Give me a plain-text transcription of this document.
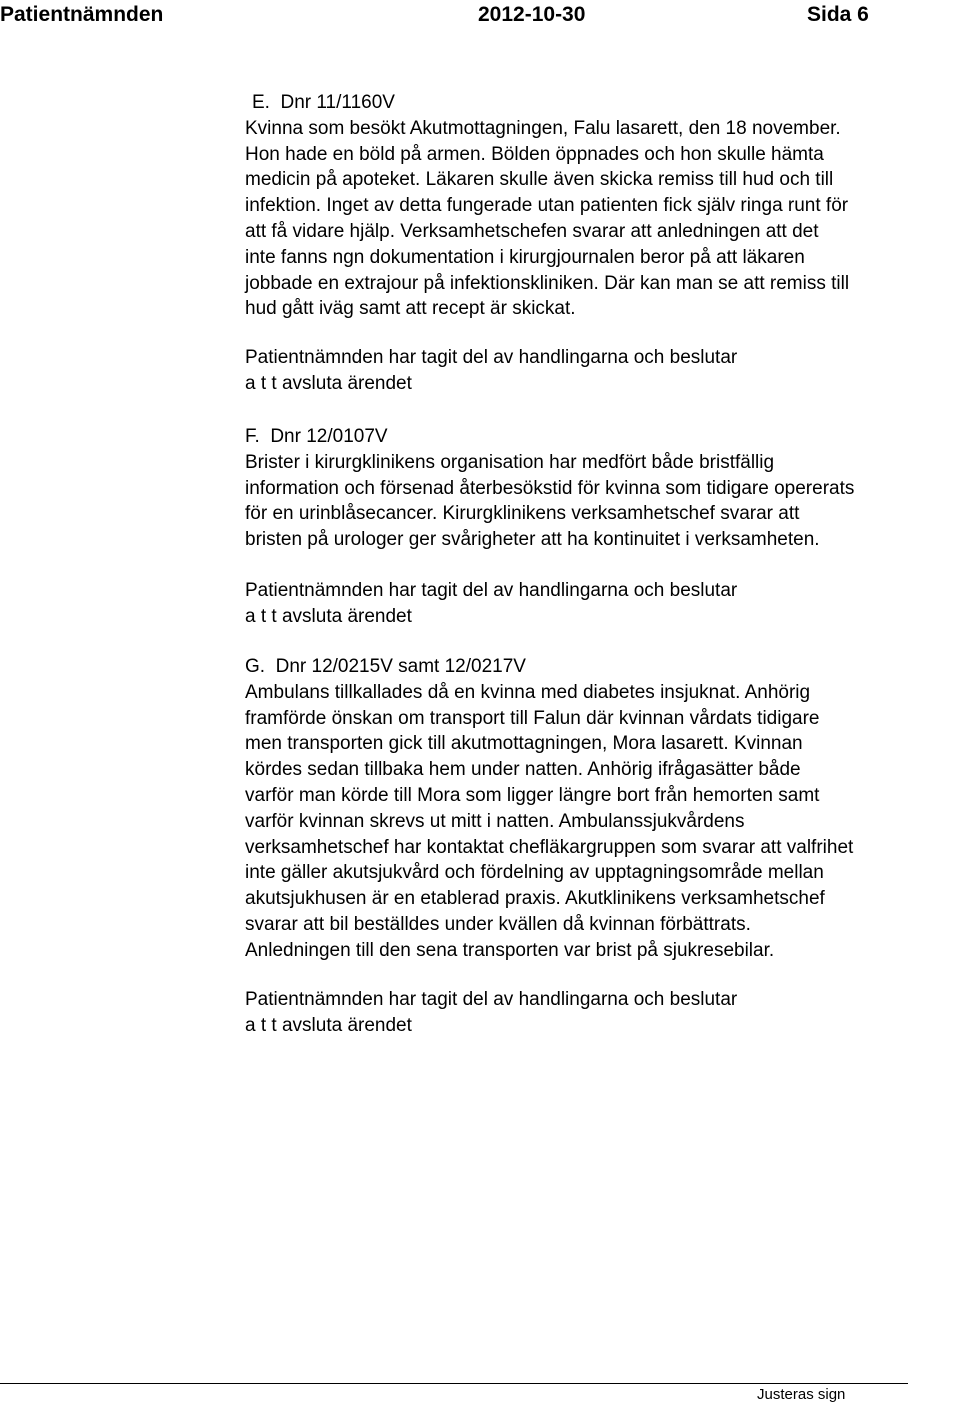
Patientnämnden	2012-10-30	Sida 6

E.  Dnr 11/1160V

Kvinna som besökt Akutmottagningen, Falu lasarett, den 18 november.

Hon hade en böld på armen. Bölden öppnades och hon skulle hämta

medicin på apoteket. Läkaren skulle även skicka remiss till hud och till

infektion. Inget av detta fungerade utan patienten fick själv ringa runt för

att få vidare hjälp. Verksamhetschefen svarar att anledningen att det

inte fanns ngn dokumentation i kirurgjournalen beror på att läkaren

jobbade en extrajour på infektionskliniken. Där kan man se att remiss till

hud gått iväg samt att recept är skickat.

Patientnämnden har tagit del av handlingarna och beslutar
a t t avsluta ärendet

F.  Dnr 12/0107V

Brister i kirurgklinikens organisation har medfört både bristfällig

information och försenad återbesökstid för kvinna som tidigare opererats

för en urinblåsecancer. Kirurgklinikens verksamhetschef svarar att

bristen på urologer ger svårigheter att ha kontinuitet i verksamheten.

Patientnämnden har tagit del av handlingarna och beslutar
a t t avsluta ärendet

G.  Dnr 12/0215V samt 12/0217V

Ambulans tillkallades då en kvinna med diabetes insjuknat. Anhörig

framförde önskan om transport till Falun där kvinnan vårdats tidigare

men transporten gick till akutmottagningen, Mora lasarett. Kvinnan

kördes sedan tillbaka hem under natten. Anhörig ifrågasätter både

varför man körde till Mora som ligger längre bort från hemorten samt

varför kvinnan skrevs ut mitt i natten. Ambulanssjukvårdens

verksamhetschef har kontaktat chefläkargruppen som svarar att valfrihet

inte gäller akutsjukvård och fördelning av upptagningsområde mellan

akutsjukhusen är en etablerad praxis. Akutklinikens verksamhetschef

svarar att bil beställdes under kvällen då kvinnan förbättrats.

Anledningen till den sena transporten var brist på sjukresebilar.

Patientnämnden har tagit del av handlingarna och beslutar
a t t avsluta ärendet
Justeras sign
